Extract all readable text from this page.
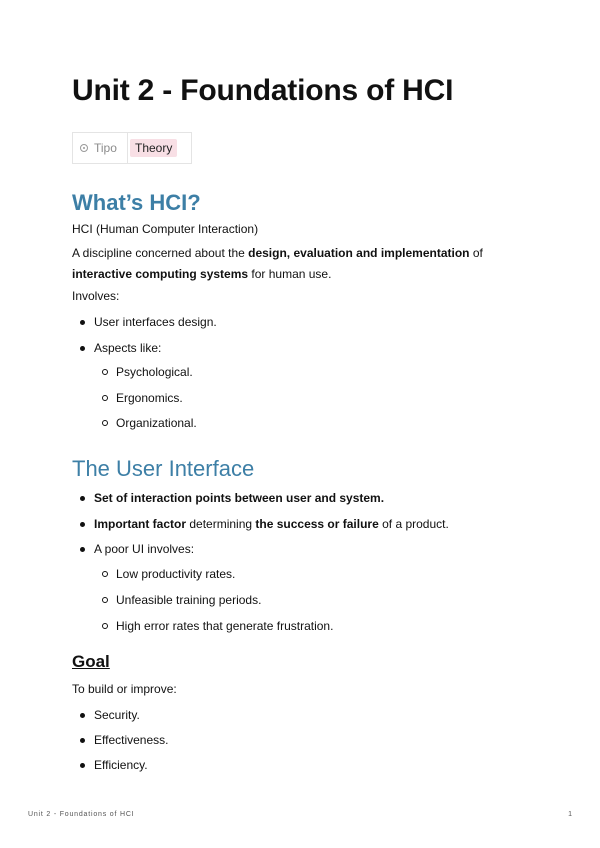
Unit 2 - Foundations of HCI
Tipo	Theory
What’s HCI?

HCI (Human Computer Interaction)

A discipline concerned about the design, evaluation and implementation of interactive computing systems for human use.

Involves:

User interfaces design.
Aspects like:
Psychological.
Ergonomics.
Organizational.
The User Interface
Set of interaction points between user and system.
Important factor determining the success or failure of a product.
A poor UI involves:
Low productivity rates.
Unfeasible training periods.
High error rates that generate frustration.
Goal

To build or improve:

Security.
Effectiveness.
Efficiency.
Unit 2 - Foundations of HCI	1
